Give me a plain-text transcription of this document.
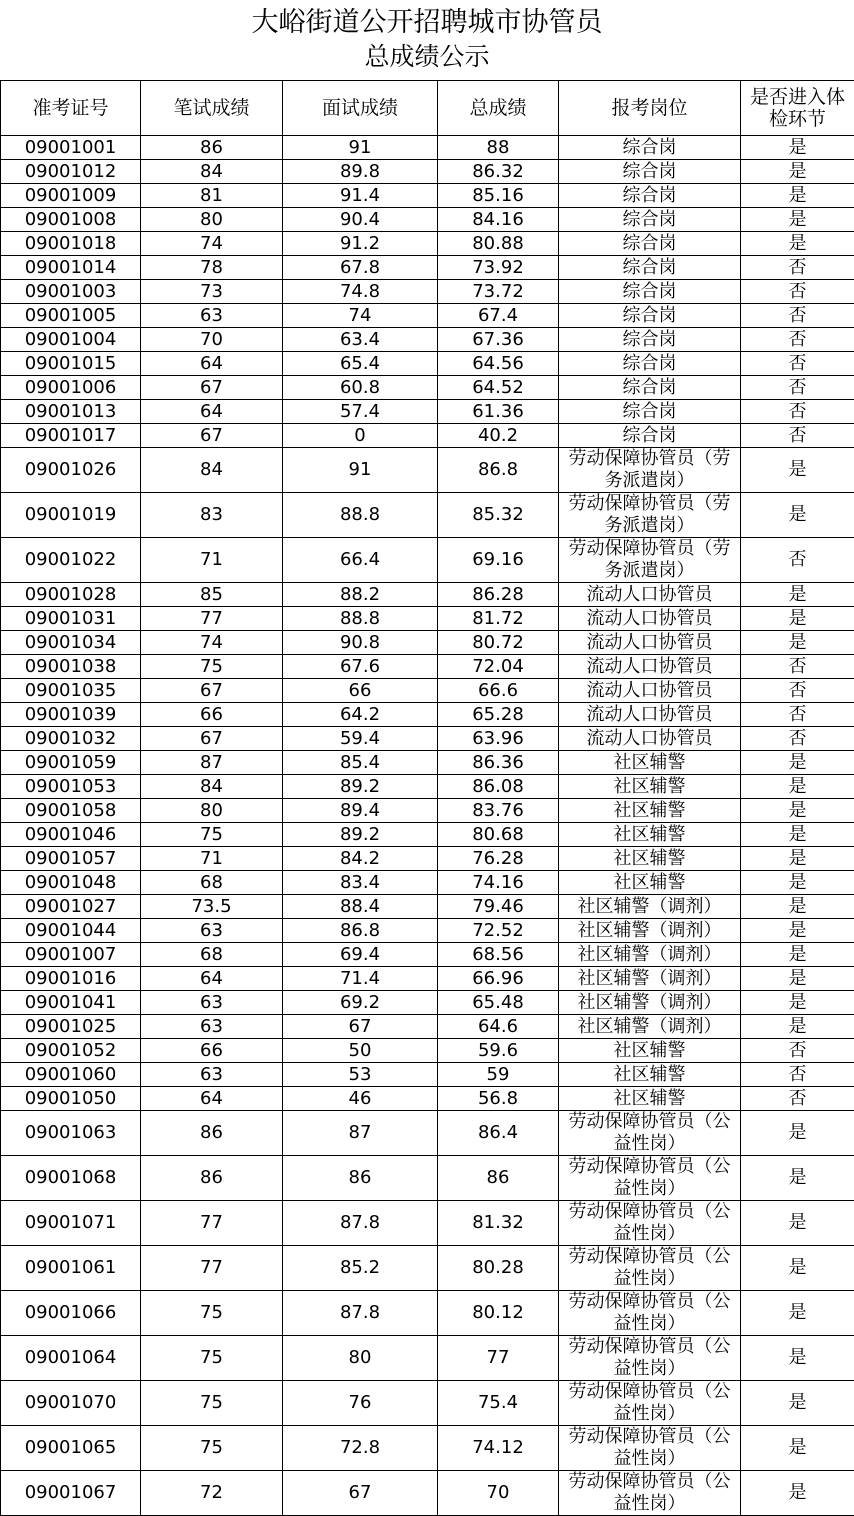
大峪街道公开招聘城市协管员
总成绩公示
准考证号	笔试成绩	面试成绩	总成绩	报考岗位	是否进入体检环节
09001001	86	91	88	综合岗	是
09001012	84	89.8	86.32	综合岗	是
09001009	81	91.4	85.16	综合岗	是
09001008	80	90.4	84.16	综合岗	是
09001018	74	91.2	80.88	综合岗	是
09001014	78	67.8	73.92	综合岗	否
09001003	73	74.8	73.72	综合岗	否
09001005	63	74	67.4	综合岗	否
09001004	70	63.4	67.36	综合岗	否
09001015	64	65.4	64.56	综合岗	否
09001006	67	60.8	64.52	综合岗	否
09001013	64	57.4	61.36	综合岗	否
09001017	67	0	40.2	综合岗	否
09001026	84	91	86.8	劳动保障协管员（劳务派遣岗）	是
09001019	83	88.8	85.32	劳动保障协管员（劳务派遣岗）	是
09001022	71	66.4	69.16	劳动保障协管员（劳务派遣岗）	否
09001028	85	88.2	86.28	流动人口协管员	是
09001031	77	88.8	81.72	流动人口协管员	是
09001034	74	90.8	80.72	流动人口协管员	是
09001038	75	67.6	72.04	流动人口协管员	否
09001035	67	66	66.6	流动人口协管员	否
09001039	66	64.2	65.28	流动人口协管员	否
09001032	67	59.4	63.96	流动人口协管员	否
09001059	87	85.4	86.36	社区辅警	是
09001053	84	89.2	86.08	社区辅警	是
09001058	80	89.4	83.76	社区辅警	是
09001046	75	89.2	80.68	社区辅警	是
09001057	71	84.2	76.28	社区辅警	是
09001048	68	83.4	74.16	社区辅警	是
09001027	73.5	88.4	79.46	社区辅警（调剂）	是
09001044	63	86.8	72.52	社区辅警（调剂）	是
09001007	68	69.4	68.56	社区辅警（调剂）	是
09001016	64	71.4	66.96	社区辅警（调剂）	是
09001041	63	69.2	65.48	社区辅警（调剂）	是
09001025	63	67	64.6	社区辅警（调剂）	是
09001052	66	50	59.6	社区辅警	否
09001060	63	53	59	社区辅警	否
09001050	64	46	56.8	社区辅警	否
09001063	86	87	86.4	劳动保障协管员（公益性岗）	是
09001068	86	86	86	劳动保障协管员（公益性岗）	是
09001071	77	87.8	81.32	劳动保障协管员（公益性岗）	是
09001061	77	85.2	80.28	劳动保障协管员（公益性岗）	是
09001066	75	87.8	80.12	劳动保障协管员（公益性岗）	是
09001064	75	80	77	劳动保障协管员（公益性岗）	是
09001070	75	76	75.4	劳动保障协管员（公益性岗）	是
09001065	75	72.8	74.12	劳动保障协管员（公益性岗）	是
09001067	72	67	70	劳动保障协管员（公益性岗）	是
